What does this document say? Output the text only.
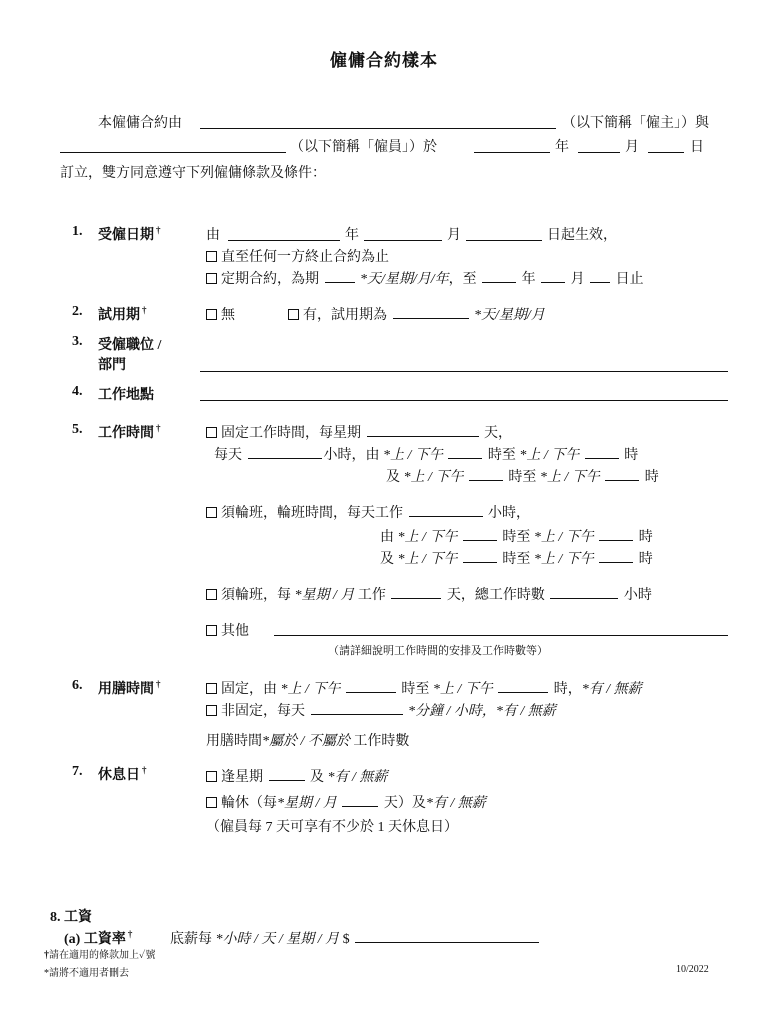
僱傭合約樣本
本僱傭合約由	（以下簡稱「僱主」）與
（以下簡稱「僱員」）於	年	月	日
訂立，雙方同意遵守下列僱傭條款及條件：
1. 受僱日期 †	由	年	月	日起生效，
直至任何一方終止合約為止
定期合約，為期	*天/星期/月/年，至	年	月 日止
2. 試用期 †	無	有，試用期為	*天/星期/月
3. 受僱職位 /
部門
4. 工作地點
5. 工作時間 †	固定工作時間，每星期	天，
每天	小時，由 *上 / 下午	時至 *上 / 下午	時
及 *上 / 下午	時至 *上 / 下午	時
須輪班，輪班時間，每天工作	小時，
由 *上 / 下午	時至 *上 / 下午	時
及 *上 / 下午	時至 *上 / 下午	時
須輪班，每 *星期 / 月 工作	天，總工作時數	小時
其他
（請詳細說明工作時間的安排及工作時數等）
6. 用膳時間 †	固定，由 *上 / 下午	時至 *上 / 下午	時，*有 / 無薪
非固定，每天	*分鐘 / 小時，*有 / 無薪
用膳時間*屬於 / 不屬於 工作時數
7. 休息日 †	逢星期	及 *有 / 無薪
輪休（每*星期 / 月	天）及*有 / 無薪
（僱員每 7 天可享有不少於 1 天休息日）
8. 工資
(a) 工資率 †	底薪每 *小時 / 天 / 星期 / 月 $
†請在適用的條款加上✓號
*請將不適用者刪去	10/2022
